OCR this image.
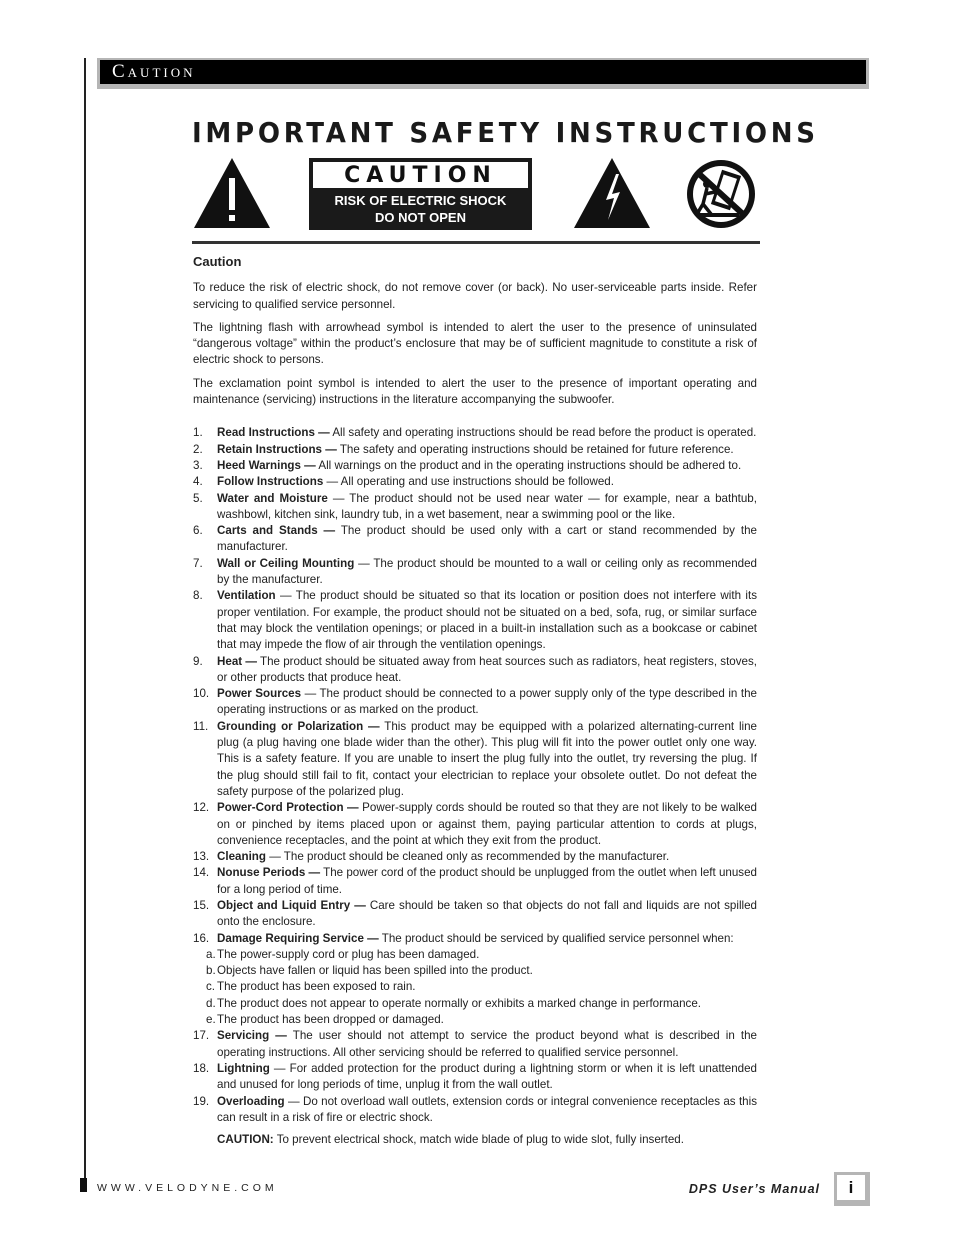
Caution
IMPORTANT SAFETY INSTRUCTIONS
CAUTION
RISK OF ELECTRIC SHOCK
DO NOT OPEN
Caution

To reduce the risk of electric shock, do not remove cover (or back). No user-serviceable parts inside. Refer servicing to qualified service personnel.

The lightning flash with arrowhead symbol is intended to alert the user to the presence of uninsulated “dangerous voltage” within the product’s enclosure that may be of sufficient magnitude to constitute a risk of electric shock to persons.

The exclamation point symbol is intended to alert the user to the presence of important operating and maintenance (servicing) instructions in the literature accompanying the subwoofer.

1.	Read Instructions — All safety and operating instructions should be read before the product is operated.
2.	Retain Instructions — The safety and operating instructions should be retained for future reference.
3.	Heed Warnings — All warnings on the product and in the operating instructions should be adhered to.
4.	Follow Instructions — All operating and use instructions should be followed.
5.	Water and Moisture — The product should not be used near water — for example, near a bathtub, washbowl, kitchen sink, laundry tub, in a wet basement, near a swimming pool or the like.
6.	Carts and Stands — The product should be used only with a cart or stand recommended by the manufacturer.
7.	Wall or Ceiling Mounting — The product should be mounted to a wall or ceiling only as recommended by the manufacturer.
8.	Ventilation — The product should be situated so that its location or position does not interfere with its proper ventilation. For example, the product should not be situated on a bed, sofa, rug, or similar surface that may block the ventilation openings; or placed in a built-in installation such as a bookcase or cabinet that may impede the flow of air through the ventilation openings.
9.	Heat — The product should be situated away from heat sources such as radiators, heat registers, stoves, or other products that produce heat.
10. Power Sources — The product should be connected to a power supply only of the type described in the operating instructions or as marked on the product.
11. Grounding or Polarization — This product may be equipped with a polarized alternating-current line plug (a plug having one blade wider than the other). This plug will fit into the power outlet only one way. This is a safety feature. If you are unable to insert the plug fully into the outlet, try reversing the plug. If the plug should still fail to fit, contact your electrician to replace your obsolete outlet. Do not defeat the safety purpose of the polarized plug.
12. Power-Cord Protection — Power-supply cords should be routed so that they are not likely to be walked on or pinched by items placed upon or against them, paying particular attention to cords at plugs, convenience receptacles, and the point at which they exit from the product.
13. Cleaning — The product should be cleaned only as recommended by the manufacturer.
14. Nonuse Periods — The power cord of the product should be unplugged from the outlet when left unused for a long period of time.
15. Object and Liquid Entry — Care should be taken so that objects do not fall and liquids are not spilled onto the enclosure.
16. Damage Requiring Service — The product should be serviced by qualified service personnel when:
a. The power-supply cord or plug has been damaged.
b. Objects have fallen or liquid has been spilled into the product.
c. The product has been exposed to rain.
d. The product does not appear to operate normally or exhibits a marked change in performance.
e. The product has been dropped or damaged.
17. Servicing — The user should not attempt to service the product beyond what is described in the operating instructions. All other servicing should be referred to qualified service personnel.
18. Lightning — For added protection for the product during a lightning storm or when it is left unattended and unused for long periods of time, unplug it from the wall outlet.
19. Overloading — Do not overload wall outlets, extension cords or integral convenience receptacles as this can result in a risk of fire or electric shock.
CAUTION: To prevent electrical shock, match wide blade of plug to wide slot, fully inserted.
WWW.VELODYNE.COM	DPS User’s Manual	i
